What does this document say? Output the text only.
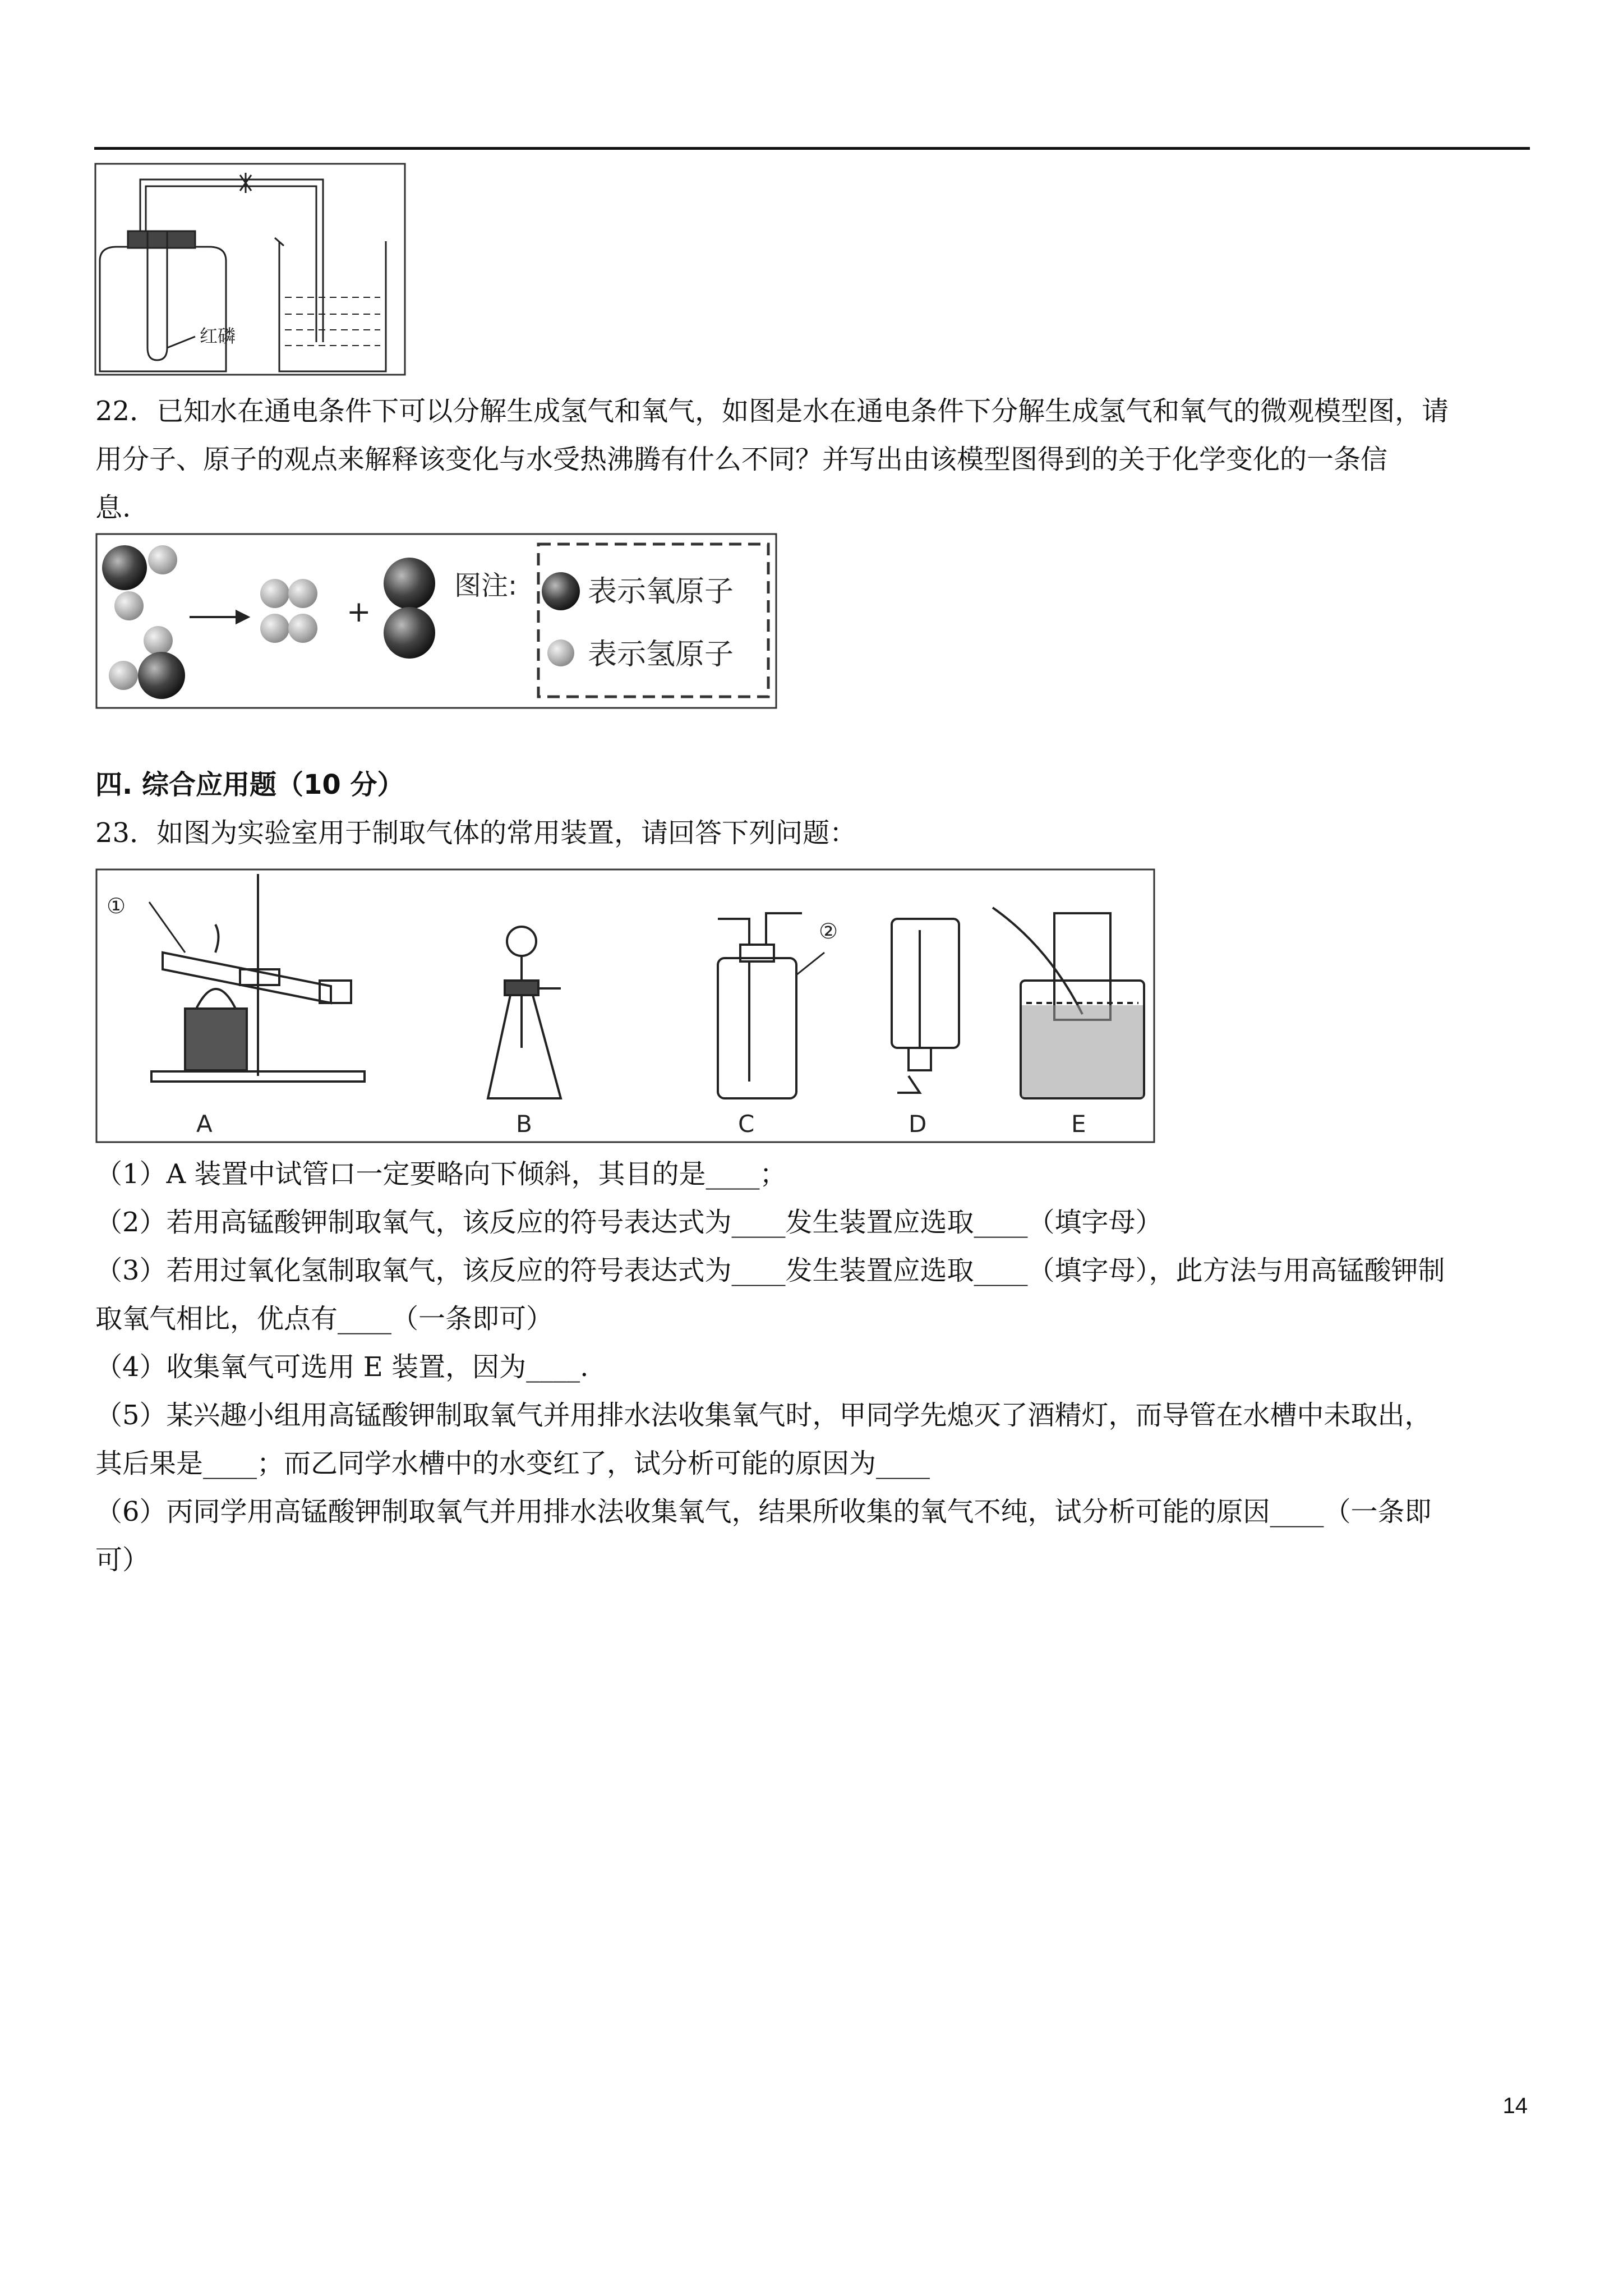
红磷
22．已知水在通电条件下可以分解生成氢气和氧气，如图是水在通电条件下分解生成氢气和氧气的微观模型图，请
用分子、原子的观点来解释该变化与水受热沸腾有什么不同？并写出由该模型图得到的关于化学变化的一条信
息.
+
图注: 表示氧原子
表示氢原子
四. 综合应用题（10 分）
23．如图为实验室用于制取气体的常用装置，请回答下列问题：
①
②
A	B	C	D	E
（1）A 装置中试管口一定要略向下倾斜，其目的是____；
（2）若用高锰酸钾制取氧气，该反应的符号表达式为____发生装置应选取____（填字母）
（3）若用过氧化氢制取氧气，该反应的符号表达式为____发生装置应选取____（填字母），此方法与用高锰酸钾制
取氧气相比，优点有____（一条即可）
（4）收集氧气可选用 E 装置，因为____.
（5）某兴趣小组用高锰酸钾制取氧气并用排水法收集氧气时，甲同学先熄灭了酒精灯，而导管在水槽中未取出，
其后果是____；而乙同学水槽中的水变红了，试分析可能的原因为____
（6）丙同学用高锰酸钾制取氧气并用排水法收集氧气，结果所收集的氧气不纯，试分析可能的原因____（一条即
可）
14
